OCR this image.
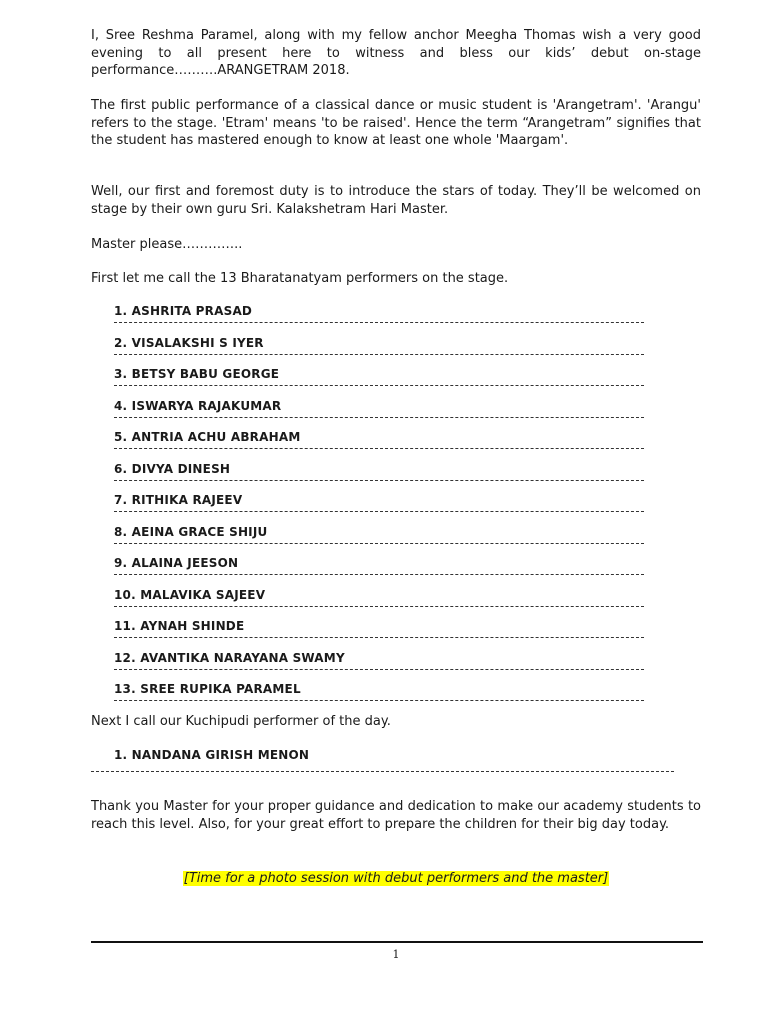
I, Sree Reshma Paramel, along with my fellow anchor Meegha Thomas wish a very good evening to all present here to witness and bless our kids’ debut on-stage performance……….ARANGETRAM 2018.

The first public performance of a classical dance or music student is 'Arangetram'. 'Arangu' refers to the stage. 'Etram' means 'to be raised'. Hence the term “Arangetram” signifies that the student has mastered enough to know at least one whole 'Maargam'.

Well, our first and foremost duty is to introduce the stars of today. They’ll be welcomed on stage by their own guru Sri. Kalakshetram Hari Master.

Master please…………..
First let me call the 13 Bharatanatyam performers on the stage.
1. ASHRITA PRASAD
2. VISALAKSHI S IYER
3. BETSY BABU GEORGE
4. ISWARYA RAJAKUMAR
5. ANTRIA ACHU ABRAHAM
6. DIVYA DINESH
7. RITHIKA RAJEEV
8. AEINA GRACE SHIJU
9. ALAINA JEESON
10. MALAVIKA SAJEEV
11. AYNAH SHINDE
12. AVANTIKA NARAYANA SWAMY
13. SREE RUPIKA PARAMEL
Next I call our Kuchipudi performer of the day.
1. NANDANA GIRISH MENON

Thank you Master for your proper guidance and dedication to make our academy students to reach this level. Also, for your great effort to prepare the children for their big day today.

[Time for a photo session with debut performers and the master]
1
